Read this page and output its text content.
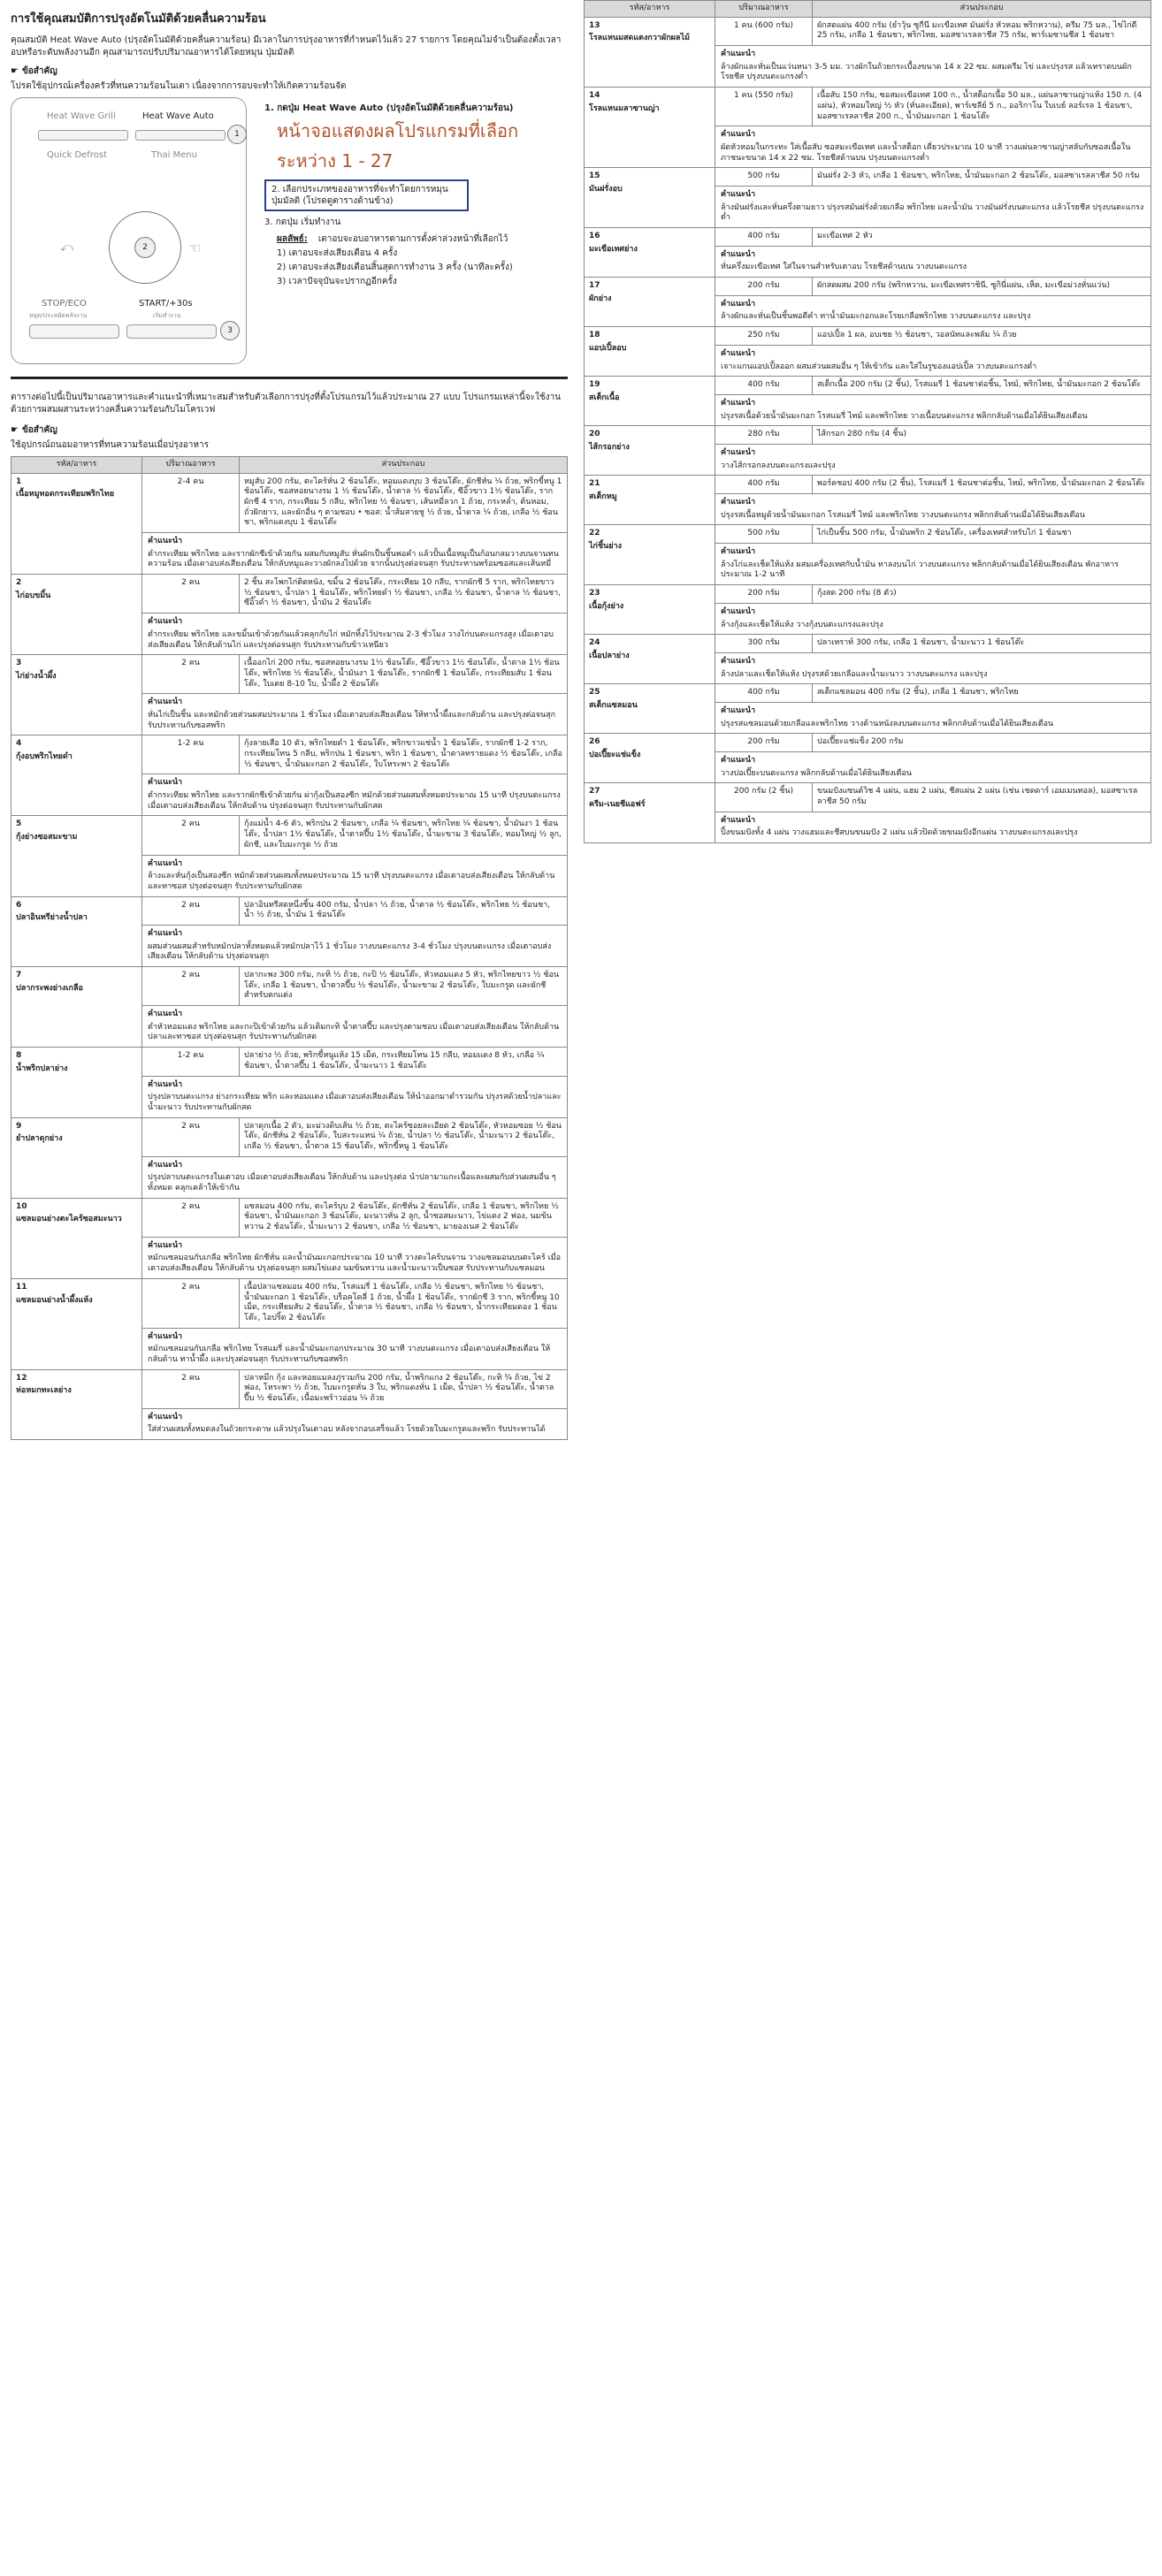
การใช้คุณสมบัติการปรุงอัตโนมัติด้วยคลื่นความร้อน
คุณสมบัติ Heat Wave Auto (ปรุงอัตโนมัติด้วยคลื่นความร้อน) มีเวลาในการปรุงอาหารที่กำหนดไว้แล้ว 27 รายการ โดยคุณไม่จำเป็นต้องตั้งเวลาอบหรือระดับพลังงานอีก คุณสามารถปรับปริมาณอาหารได้โดยหมุน ปุ่มมัลติ
☛ ข้อสำคัญ
โปรดใช้อุปกรณ์เครื่องครัวที่ทนความร้อนในเตา เนื่องจากการอบจะทำให้เกิดความร้อนจัด
Heat Wave Grill	Heat Wave Auto
1
Quick Defrost	Thai Menu
2
⤺	☜
STOP/ECO
หยุด/ประหยัดพลังงาน
START/+30s
เริ่มทำงาน
3
1. กดปุ่ม Heat Wave Auto (ปรุงอัตโนมัติด้วยคลื่นความร้อน)
หน้าจอแสดงผลโปรแกรมที่เลือก
ระหว่าง 1 - 27
2. เลือกประเภทของอาหารที่จะทำโดยการหมุน ปุ่มมัลติ (โปรดดูตารางด้านข้าง)
3. กดปุ่ม เริ่มทำงาน
ผลลัพธ์: เตาอบจะอบอาหารตามการตั้งค่าล่วงหน้าที่เลือกไว้
1) เตาอบจะส่งเสียงเตือน 4 ครั้ง
2) เตาอบจะส่งเสียงเตือนสิ้นสุดการทำงาน 3 ครั้ง (นาทีละครั้ง)
3) เวลาปัจจุบันจะปรากฏอีกครั้ง
ตารางต่อไปนี้เป็นปริมาณอาหารและคำแนะนำที่เหมาะสมสำหรับตัวเลือกการปรุงที่ตั้งโปรแกรมไว้แล้วประมาณ 27 แบบ โปรแกรมเหล่านี้จะใช้งานด้วยการผสมผสานระหว่างคลื่นความร้อนกับไมโครเวฟ
☛ ข้อสำคัญ
ใช้อุปกรณ์ถนอมอาหารที่ทนความร้อนเมื่อปรุงอาหาร
รหัส/อาหาร	ปริมาณอาหาร	ส่วนประกอบ
1
เนื้อหมูทอดกระเทียมพริกไทย	2-4 คน	หมูสับ 200 กรัม, ตะไคร้หั่น 2 ช้อนโต๊ะ, หอมแดงบุบ 3 ช้อนโต๊ะ, ผักชีหั่น ¼ ถ้วย, พริกขี้หนู 1 ช้อนโต๊ะ, ซอสหอยนางรม 1 ½ ช้อนโต๊ะ, น้ำตาล ½ ช้อนโต๊ะ, ซีอิ๊วขาว 1½ ช้อนโต๊ะ, รากผักชี 4 ราก, กระเทียม 5 กลีบ, พริกไทย ½ ช้อนชา, เส้นหมี่ลวก 1 ถ้วย, กระหล่ำ, ต้นหอม, ถั่วฝักยาว, และผักอื่น ๆ ตามชอบ • ซอส: น้ำส้มสายชู ½ ถ้วย, น้ำตาล ¼ ถ้วย, เกลือ ½ ช้อนชา, พริกแดงบุบ 1 ช้อนโต๊ะ

	คำแนะนำ
ตำกระเทียม พริกไทย และรากผักชีเข้าด้วยกัน ผสมกับหมูสับ หั่นผักเป็นชิ้นพอคำ แล้วปั้นเนื้อหมูเป็นก้อนกลมวางบนจานทนความร้อน เมื่อเตาอบส่งเสียงเตือน ให้กลับหมูและวางผักลงไปด้วย จากนั้นปรุงต่อจนสุก รับประทานพร้อมซอสและเส้นหมี่	
2
ไก่อบขมิ้น	2 คน	2 ชิ้น สะโพกไก่ติดหนัง, ขมิ้น 2 ช้อนโต๊ะ, กระเทียม 10 กลีบ, รากผักชี 5 ราก, พริกไทยขาว ½ ช้อนชา, น้ำปลา 1 ช้อนโต๊ะ, พริกไทยดำ ½ ช้อนชา, เกลือ ½ ช้อนชา, น้ำตาล ½ ช้อนชา, ซีอิ๊วดำ ½ ช้อนชา, น้ำมัน 2 ช้อนโต๊ะ

	คำแนะนำ
ตำกระเทียม พริกไทย และขมิ้นเข้าด้วยกันแล้วคลุกกับไก่ หมักทิ้งไว้ประมาณ 2-3 ชั่วโมง วางไก่บนตะแกรงสูง เมื่อเตาอบส่งเสียงเตือน ให้กลับด้านไก่ และปรุงต่อจนสุก รับประทานกับข้าวเหนียว	
3
ไก่ย่างน้ำผึ้ง	2 คน	เนื้ออกไก่ 200 กรัม, ซอสหอยนางรม 1½ ช้อนโต๊ะ, ซีอิ๊วขาว 1½ ช้อนโต๊ะ, น้ำตาล 1½ ช้อนโต๊ะ, พริกไทย ½ ช้อนโต๊ะ, น้ำมันงา 1 ช้อนโต๊ะ, รากผักชี 1 ช้อนโต๊ะ, กระเทียมสับ 1 ช้อนโต๊ะ, ใบเตย 8-10 ใบ, น้ำผึ้ง 2 ช้อนโต๊ะ

	คำแนะนำ
หั่นไก่เป็นชิ้น และหมักด้วยส่วนผสมประมาณ 1 ชั่วโมง เมื่อเตาอบส่งเสียงเตือน ให้ทาน้ำผึ้งและกลับด้าน และปรุงต่อจนสุก รับประทานกับซอสพริก	
4
กุ้งอบพริกไทยดำ	1-2 คน	กุ้งลายเสือ 10 ตัว, พริกไทยดำ 1 ช้อนโต๊ะ, พริกขาวแช่น้ำ 1 ช้อนโต๊ะ, รากผักชี 1-2 ราก, กระเทียมโทน 5 กลีบ, พริกป่น 1 ช้อนชา, พริก 1 ช้อนชา, น้ำตาลทรายแดง ½ ช้อนโต๊ะ, เกลือ ½ ช้อนชา, น้ำมันมะกอก 2 ช้อนโต๊ะ, ใบโหระพา 2 ช้อนโต๊ะ

	คำแนะนำ
ตำกระเทียม พริกไทย และรากผักชีเข้าด้วยกัน ผ่ากุ้งเป็นสองซีก หมักด้วยส่วนผสมทั้งหมดประมาณ 15 นาที ปรุงบนตะแกรง เมื่อเตาอบส่งเสียงเตือน ให้กลับด้าน ปรุงต่อจนสุก รับประทานกับผักสด	
5
กุ้งย่างซอสมะขาม	2 คน	กุ้งแม่น้ำ 4-6 ตัว, พริกป่น 2 ช้อนชา, เกลือ ¼ ช้อนชา, พริกไทย ¼ ช้อนชา, น้ำมันงา 1 ช้อนโต๊ะ, น้ำปลา 1½ ช้อนโต๊ะ, น้ำตาลปี๊บ 1½ ช้อนโต๊ะ, น้ำมะขาม 3 ช้อนโต๊ะ, หอมใหญ่ ½ ลูก, ผักชี, และใบมะกรูด ½ ถ้วย

	คำแนะนำ
ล้างและหั่นกุ้งเป็นสองซีก หมักด้วยส่วนผสมทั้งหมดประมาณ 15 นาที ปรุงบนตะแกรง เมื่อเตาอบส่งเสียงเตือน ให้กลับด้านและทาซอส ปรุงต่อจนสุก รับประทานกับผักสด	
6
ปลาอินทรีย่างน้ำปลา	2 คน	ปลาอินทรีสดหนึ่งชิ้น 400 กรัม, น้ำปลา ½ ถ้วย, น้ำตาล ½ ช้อนโต๊ะ, พริกไทย ½ ช้อนชา, น้ำ ½ ถ้วย, น้ำมัน 1 ช้อนโต๊ะ

	คำแนะนำ
ผสมส่วนผสมสำหรับหมักปลาทั้งหมดแล้วหมักปลาไว้ 1 ชั่วโมง วางบนตะแกรง 3-4 ชั่วโมง ปรุงบนตะแกรง เมื่อเตาอบส่งเสียงเตือน ให้กลับด้าน ปรุงต่อจนสุก	
7
ปลากระพงย่างเกลือ	2 คน	ปลากะพง 300 กรัม, กะทิ ½ ถ้วย, กะปิ ½ ช้อนโต๊ะ, หัวหอมแดง 5 หัว, พริกไทยขาว ½ ช้อนโต๊ะ, เกลือ 1 ช้อนชา, น้ำตาลปี๊บ ½ ช้อนโต๊ะ, น้ำมะขาม 2 ช้อนโต๊ะ, ใบมะกรูด และผักชี สำหรับตกแต่ง

	คำแนะนำ
ตำหัวหอมแดง พริกไทย และกะปิเข้าด้วยกัน แล้วเติมกะทิ น้ำตาลปี๊บ และปรุงตามชอบ เมื่อเตาอบส่งเสียงเตือน ให้กลับด้านปลาและทาซอส ปรุงต่อจนสุก รับประทานกับผักสด	
8
น้ำพริกปลาย่าง	1-2 คน	ปลาย่าง ½ ถ้วย, พริกขี้หนูแห้ง 15 เม็ด, กระเทียมโทน 15 กลีบ, หอมแดง 8 หัว, เกลือ ¼ ช้อนชา, น้ำตาลปี๊บ 1 ช้อนโต๊ะ, น้ำมะนาว 1 ช้อนโต๊ะ

	คำแนะนำ
ปรุงปลาบนตะแกรง ย่างกระเทียม พริก และหอมแดง เมื่อเตาอบส่งเสียงเตือน ให้นำออกมาตำรวมกัน ปรุงรสด้วยน้ำปลาและน้ำมะนาว รับประทานกับผักสด	
9
ยำปลาดุกย่าง	2 คน	ปลาดุกเนื้อ 2 ตัว, มะม่วงดิบเส้น ½ ถ้วย, ตะไคร้ซอยละเอียด 2 ช้อนโต๊ะ, หัวหอมซอย ½ ช้อนโต๊ะ, ผักชีหั่น 2 ช้อนโต๊ะ, ใบสะระแหน่ ¼ ถ้วย, น้ำปลา ½ ช้อนโต๊ะ, น้ำมะนาว 2 ช้อนโต๊ะ, เกลือ ½ ช้อนชา, น้ำตาล 15 ช้อนโต๊ะ, พริกขี้หนู 1 ช้อนโต๊ะ

	คำแนะนำ
ปรุงปลาบนตะแกรงในเตาอบ เมื่อเตาอบส่งเสียงเตือน ให้กลับด้าน และปรุงต่อ นำปลามาแกะเนื้อและผสมกับส่วนผสมอื่น ๆ ทั้งหมด คลุกเคล้าให้เข้ากัน	
10
แซลมอนย่างตะไคร้ซอสมะนาว	2 คน	แซลมอน 400 กรัม, ตะไคร้บุบ 2 ช้อนโต๊ะ, ผักชีหั่น 2 ช้อนโต๊ะ, เกลือ 1 ช้อนชา, พริกไทย ½ ช้อนชา, น้ำมันมะกอก 3 ช้อนโต๊ะ, มะนาวหั่น 2 ลูก, น้ำซอสมะนาว, ไข่แดง 2 ฟอง, นมข้นหวาน 2 ช้อนโต๊ะ, น้ำมะนาว 2 ช้อนชา, เกลือ ½ ช้อนชา, มายองเนส 2 ช้อนโต๊ะ

	คำแนะนำ
หมักแซลมอนกับเกลือ พริกไทย ผักชีหั่น และน้ำมันมะกอกประมาณ 10 นาที วางตะไคร้บนจาน วางแซลมอนบนตะไคร้ เมื่อเตาอบส่งเสียงเตือน ให้กลับด้าน ปรุงต่อจนสุก ผสมไข่แดง นมข้นหวาน และน้ำมะนาวเป็นซอส รับประทานกับแซลมอน	
11
แซลมอนย่างน้ำผึ้งแห้ง	2 คน	เนื้อปลาแซลมอน 400 กรัม, โรสแมรี่ 1 ช้อนโต๊ะ, เกลือ ½ ช้อนชา, พริกไทย ½ ช้อนชา, น้ำมันมะกอก 1 ช้อนโต๊ะ, บร็อคโคลี่ 1 ถ้วย, น้ำผึ้ง 1 ช้อนโต๊ะ, รากผักชี 3 ราก, พริกขี้หนู 10 เม็ด, กระเทียมสับ 2 ช้อนโต๊ะ, น้ำตาล ½ ช้อนชา, เกลือ ½ ช้อนชา, น้ำกระเทียมดอง 1 ช้อนโต๊ะ, ไอปริ้ด 2 ช้อนโต๊ะ

	คำแนะนำ
หมักแซลมอนกับเกลือ พริกไทย โรสแมรี่ และน้ำมันมะกอกประมาณ 30 นาที วางบนตะแกรง เมื่อเตาอบส่งเสียงเตือน ให้กลับด้าน ทาน้ำผึ้ง และปรุงต่อจนสุก รับประทานกับซอสพริก	
12
ห่อหมกทะเลย่าง	2 คน	ปลาหมึก กุ้ง และหอยแมลงภู่รวมกัน 200 กรัม, น้ำพริกแกง 2 ช้อนโต๊ะ, กะทิ ¾ ถ้วย, ไข่ 2 ฟอง, โหระพา ½ ถ้วย, ใบมะกรูดหั่น 3 ใบ, พริกแดงหั่น 1 เม็ด, น้ำปลา ½ ช้อนโต๊ะ, น้ำตาลปี๊บ ½ ช้อนโต๊ะ, เนื้อมะพร้าวอ่อน ¼ ถ้วย

	คำแนะนำ
ใส่ส่วนผสมทั้งหมดลงในถ้วยกระดาษ แล้วปรุงในเตาอบ หลังจากอบเสร็จแล้ว โรยด้วยใบมะกรูดและพริก รับประทานได้	
รหัส/อาหาร	ปริมาณอาหาร	ส่วนประกอบ
13
โรลแหนมสดแตงกวาผักผลไม้	1 คน (600 กรัม)	ผักสดแผ่น 400 กรัม (ยำวุ้น ซูกีนี มะเขือเทศ มันฝรั่ง หัวหอม พริกหวาน), ครีม 75 มล., ไข่ไก่ดี 25 กรัม, เกลือ 1 ช้อนชา, พริกไทย, มอสซาเรลลาชีส 75 กรัม, พาร์เมซานชีส 1 ช้อนชา

	คำแนะนำ
ล้างผักและหั่นเป็นแว่นหนา 3-5 มม. วางผักในถ้วยกระเบื้องขนาด 14 x 22 ซม. ผสมครีม ไข่ และปรุงรส แล้วเทราดบนผัก โรยชีส ปรุงบนตะแกรงต่ำ	
14
โรลแหนมลาซานญ่า	1 คน (550 กรัม)	เนื้อสับ 150 กรัม, ซอสมะเขือเทศ 100 ก., น้ำสต็อกเนื้อ 50 มล., แผ่นลาซานญ่าแห้ง 150 ก. (4 แผ่น), หัวหอมใหญ่ ½ หัว (หั่นละเอียด), พาร์เซลีย์ 5 ก., ออริกาโน ใบเบย์ ลอร์เรล 1 ช้อนชา, มอสซาเรลลาชีส 200 ก., น้ำมันมะกอก 1 ช้อนโต๊ะ

	คำแนะนำ
ผัดหัวหอมในกระทะ ใส่เนื้อสับ ซอสมะเขือเทศ และน้ำสต็อก เคี่ยวประมาณ 10 นาที วางแผ่นลาซานญ่าสลับกับซอสเนื้อในภาชนะขนาด 14 x 22 ซม. โรยชีสด้านบน ปรุงบนตะแกรงต่ำ	
15
มันฝรั่งอบ	500 กรัม	มันฝรั่ง 2-3 หัว, เกลือ 1 ช้อนชา, พริกไทย, น้ำมันมะกอก 2 ช้อนโต๊ะ, มอสซาเรลลาชีส 50 กรัม

	คำแนะนำ
ล้างมันฝรั่งและหั่นครึ่งตามยาว ปรุงรสมันฝรั่งด้วยเกลือ พริกไทย และน้ำมัน วางมันฝรั่งบนตะแกรง แล้วโรยชีส ปรุงบนตะแกรงต่ำ	
16
มะเขือเทศย่าง	400 กรัม	มะเขือเทศ 2 หัว

	คำแนะนำ
หั่นครึ่งมะเขือเทศ ใส่ในจานสำหรับเตาอบ โรยชีสด้านบน วางบนตะแกรง	
17
ผักย่าง	200 กรัม	ผักสดผสม 200 กรัม (พริกหวาน, มะเขือเทศราชินี, ซูกินี่แผ่น, เห็ด, มะเขือม่วงหั่นแว่น)

	คำแนะนำ
ล้างผักและหั่นเป็นชิ้นพอดีคำ ทาน้ำมันมะกอกและโรยเกลือพริกไทย วางบนตะแกรง และปรุง	
18
แอปเปิ้ลอบ	250 กรัม	แอปเปิ้ล 1 ผล, อบเชย ½ ช้อนชา, วอลนัทและพลัม ¼ ถ้วย

	คำแนะนำ
เจาะแกนแอปเปิ้ลออก ผสมส่วนผสมอื่น ๆ ให้เข้ากัน และใส่ในรูของแอปเปิ้ล วางบนตะแกรงต่ำ	
19
สเต็กเนื้อ	400 กรัม	สเต็กเนื้อ 200 กรัม (2 ชิ้น), โรสแมรี่ 1 ช้อนชาต่อชิ้น, ไทม์, พริกไทย, น้ำมันมะกอก 2 ช้อนโต๊ะ

	คำแนะนำ
ปรุงรสเนื้อด้วยน้ำมันมะกอก โรสแมรี่ ไทม์ และพริกไทย วางเนื้อบนตะแกรง พลิกกลับด้านเมื่อได้ยินเสียงเตือน	
20
ไส้กรอกย่าง	280 กรัม	ไส้กรอก 280 กรัม (4 ชิ้น)

	คำแนะนำ
วางไส้กรอกลงบนตะแกรงและปรุง	
21
สเต็กหมู	400 กรัม	พอร์คชอป 400 กรัม (2 ชิ้น), โรสแมรี่ 1 ช้อนชาต่อชิ้น, ไทม์, พริกไทย, น้ำมันมะกอก 2 ช้อนโต๊ะ

	คำแนะนำ
ปรุงรสเนื้อหมูด้วยน้ำมันมะกอก โรสแมรี่ ไทม์ และพริกไทย วางบนตะแกรง พลิกกลับด้านเมื่อได้ยินเสียงเตือน	
22
ไก่ชิ้นย่าง	500 กรัม	ไก่เป็นชิ้น 500 กรัม, น้ำมันพริก 2 ช้อนโต๊ะ, เครื่องเทศสำหรับไก่ 1 ช้อนชา

	คำแนะนำ
ล้างไก่และเช็ดให้แห้ง ผสมเครื่องเทศกับน้ำมัน ทาลงบนไก่ วางบนตะแกรง พลิกกลับด้านเมื่อได้ยินเสียงเตือน พักอาหารประมาณ 1-2 นาที	
23
เนื้อกุ้งย่าง	200 กรัม	กุ้งสด 200 กรัม (8 ตัว)

	คำแนะนำ
ล้างกุ้งและเช็ดให้แห้ง วางกุ้งบนตะแกรงและปรุง	
24
เนื้อปลาย่าง	300 กรัม	ปลาเทราท์ 300 กรัม, เกลือ 1 ช้อนชา, น้ำมะนาว 1 ช้อนโต๊ะ

	คำแนะนำ
ล้างปลาและเช็ดให้แห้ง ปรุงรสด้วยเกลือและน้ำมะนาว วางบนตะแกรง และปรุง	
25
สเต็กแซลมอน	400 กรัม	สเต็กแซลมอน 400 กรัม (2 ชิ้น), เกลือ 1 ช้อนชา, พริกไทย

	คำแนะนำ
ปรุงรสแซลมอนด้วยเกลือและพริกไทย วางด้านหนังลงบนตะแกรง พลิกกลับด้านเมื่อได้ยินเสียงเตือน	
26
ปอเปี๊ยะแช่แข็ง	200 กรัม	ปอเปี๊ยะแช่แข็ง 200 กรัม

	คำแนะนำ
วางปอเปี๊ยะบนตะแกรง พลิกกลับด้านเมื่อได้ยินเสียงเตือน	
27
ครีม-เนยชีแอฟร์	200 กรัม (2 ชิ้น)	ขนมปังแซนด์วิช 4 แผ่น, แฮม 2 แผ่น, ชีสแผ่น 2 แผ่น (เช่น เชดดาร์ เอมเมนทอล), มอสซาเรลลาชีส 50 กรัม

	คำแนะนำ
ปิ้งขนมปังทั้ง 4 แผ่น วางแฮมและชีสบนขนมปัง 2 แผ่น แล้วปิดด้วยขนมปังอีกแผ่น วางบนตะแกรงและปรุง	
